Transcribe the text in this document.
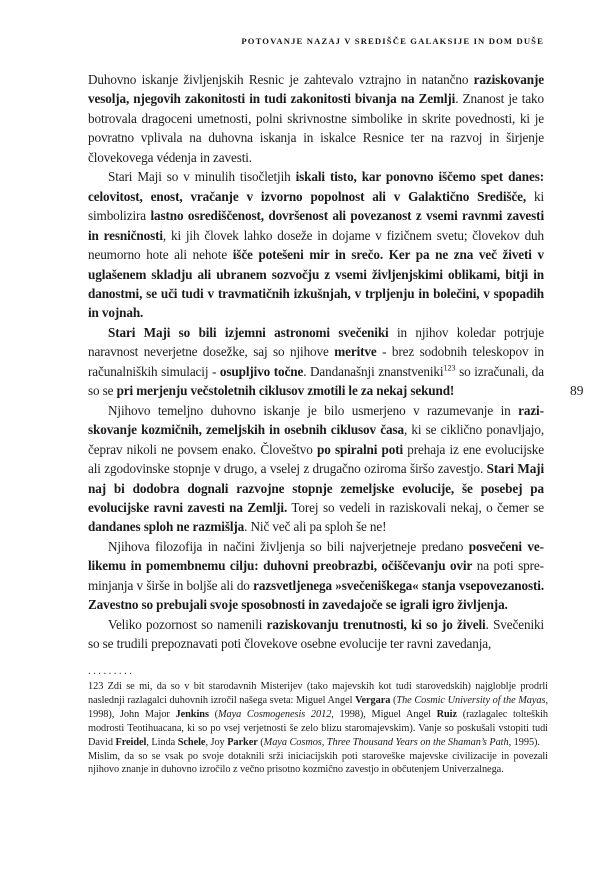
POTOVANJE NAZAJ V SREDIŠČE GALAKSIJE IN DOM DUŠE

Duhovno iskanje življenjskih Resnic je zahtevalo vztrajno in natančno raziskovanje vesolja, njegovih zakonitosti in tudi zakonitosti bivanja na Zemlji. Znanost je tako botrovala dragoceni umetnosti, polni skrivnostne simbolike in skrite povednosti, ki je povratno vplivala na duhovna iskanja in iskalce Resnice ter na razvoj in širjenje človekovega védenja in zavesti.

Stari Maji so v minulih tisočletjih iskali tisto, kar ponovno iščemo spet danes: celovitost, enost, vračanje v izvorno popolnost ali v Galaktično Središče, ki simbolizira lastno osrediščenost, dovršenost ali povezanost z vsemi ravnmi zavesti in resničnosti, ki jih človek lahko doseže in dojame v fizičnem svetu; človekov duh neumorno hote ali nehote išče potešeni mir in srečo. Ker pa ne zna več živeti v uglašenem skladju ali ubranem sozvočju z vsemi življenjskimi oblikami, bitji in danostmi, se uči tudi v travmatičnih izkušnjah, v trpljenju in bolečini, v spopadih in vojnah.

Stari Maji so bili izjemni astronomi svečeniki in njihov koledar potrjuje naravnost neverjetne dosežke, saj so njihove meritve - brez sodobnih teleskopov in računalniških simulacij - osupljivo točne. Dandanašnji znanstveniki$^{123}$ so izračunali, da so se pri merjenju večstoletnih ciklusov zmotili le za nekaj sekund!

Njihovo temeljno duhovno iskanje je bilo usmerjeno v razumevanje in raziskovanje kozmičnih, zemeljskih in osebnih ciklusov časa, ki se ciklično ponavljajo, čeprav nikoli ne povsem enako. Človeštvo po spiralni poti prehaja iz ene evolucijske ali zgodovinske stopnje v drugo, a vselej z drugačno oziroma širšo zavestjo. Stari Maji naj bi dodobra dognali razvojne stopnje zemeljske evolucije, še posebej pa evolucijske ravni zavesti na Zemlji. Torej so vedeli in raziskovali nekaj, o čemer se dandanes sploh ne razmišlja. Nič več ali pa sploh še ne!

Njihova filozofija in načini življenja so bili najverjetneje predano posvečeni velikemu in pomembnemu cilju: duhovni preobrazbi, očiščevanju ovir na poti spreminjanja v širše in boljše ali do razsvetljenega »svečeniškega« stanja vsepovezanosti. Zavestno so prebujali svoje sposobnosti in zavedajoče se igrali igro življenja.

Veliko pozornost so namenili raziskovanju trenutnosti, ki so jo živeli. Svečeniki so se trudili prepoznavati poti človekove osebne evolucije ter ravni zavedanja,

89
.........

123 Zdi se mi, da so v bit starodavnih Misterijev (tako majevskih kot tudi starovedskih) najgloblje prodrli naslednji razlagalci duhovnih izročil našega sveta: Miguel Angel Vergara (The Cosmic University of the Mayas, 1998), John Major Jenkins (Maya Cosmogenesis 2012, 1998), Miguel Angel Ruiz (razlagalec tolteških modrosti Teotihuacana, ki so po vsej verjetnosti še zelo blizu staromajevskim). Vanje so poskušali vstopiti tudi David Freidel, Linda Schele, Joy Parker (Maya Cosmos, Three Thousand Years on the Shaman’s Path, 1995).

Mislim, da so se vsak po svoje dotaknili srži iniciacijskih poti staroveške majevske civilizacije in povezali njihovo znanje in duhovno izročilo z večno prisotno kozmično zavestjo in občutenjem Univerzalnega.
